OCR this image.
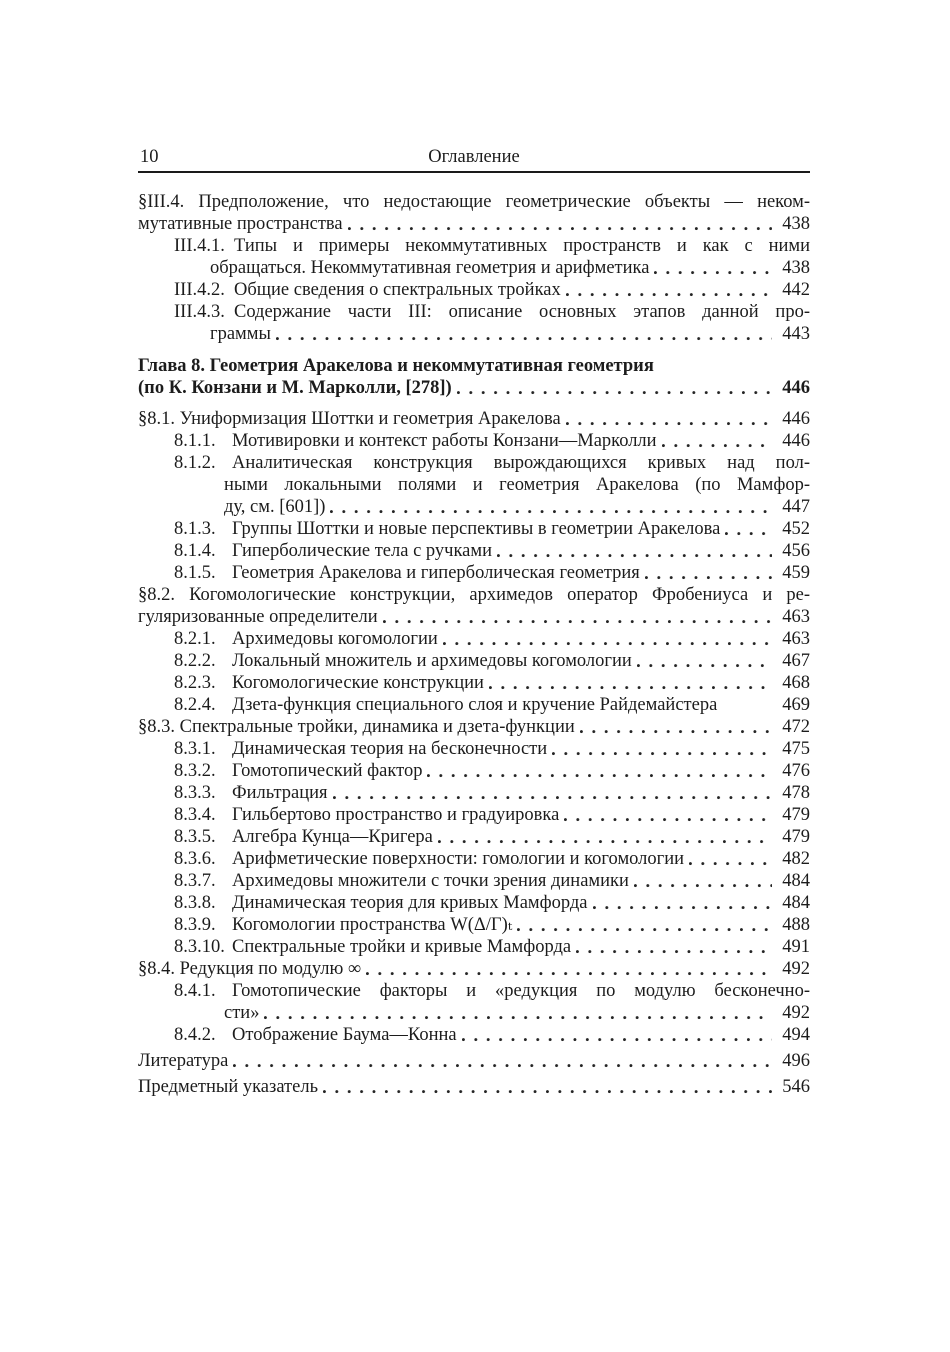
10	Оглавление
§III.4. Предположение, что недостающие геометрические объекты — неком-
мутативные пространства	438
III.4.1. Типы и примеры некоммутативных пространств и как с ними
обращаться. Некоммутативная геометрия и арифметика	438
III.4.2. Общие сведения о спектральных тройках	442
III.4.3. Содержание части III: описание основных этапов данной про-
граммы	443
Глава 8. Геометрия Аракелова и некоммутативная геометрия
(по К. Конзани и М. Марколли, [278])	446
§8.1. Униформизация Шоттки и геометрия Аракелова	446
8.1.1. Мотивировки и контекст работы Конзани—Марколли	446
8.1.2. Аналитическая конструкция вырождающихся кривых над пол-
ными локальными полями и геометрия Аракелова (по Мамфор-
ду, см. [601])	447
8.1.3. Группы Шоттки и новые перспективы в геометрии Аракелова	452
8.1.4. Гиперболические тела с ручками	456
8.1.5. Геометрия Аракелова и гиперболическая геометрия	459
§8.2. Когомологические конструкции, архимедов оператор Фробениуса и ре-
гуляризованные определители	463
8.2.1. Архимедовы когомологии	463
8.2.2. Локальный множитель и архимедовы когомологии	467
8.2.3. Когомологические конструкции	468
8.2.4. Дзета-функция специального слоя и кручение Райдемайстера	469
§8.3. Спектральные тройки, динамика и дзета-функции	472
8.3.1. Динамическая теория на бесконечности	475
8.3.2. Гомотопический фактор	476
8.3.3. Фильтрация	478
8.3.4. Гильбертово пространство и градуировка	479
8.3.5. Алгебра Кунца—Кригера	479
8.3.6. Арифметические поверхности: гомологии и когомологии	482
8.3.7. Архимедовы множители с точки зрения динамики	484
8.3.8. Динамическая теория для кривых Мамфорда	484
8.3.9. Когомологии пространства W(Δ/Γ)ₜ	488
8.3.10. Спектральные тройки и кривые Мамфорда	491
§8.4. Редукция по модулю ∞	492
8.4.1. Гомотопические факторы и «редукция по модулю бесконечно-
сти»	492
8.4.2. Отображение Баума—Конна	494
Литература	496
Предметный указатель	546
